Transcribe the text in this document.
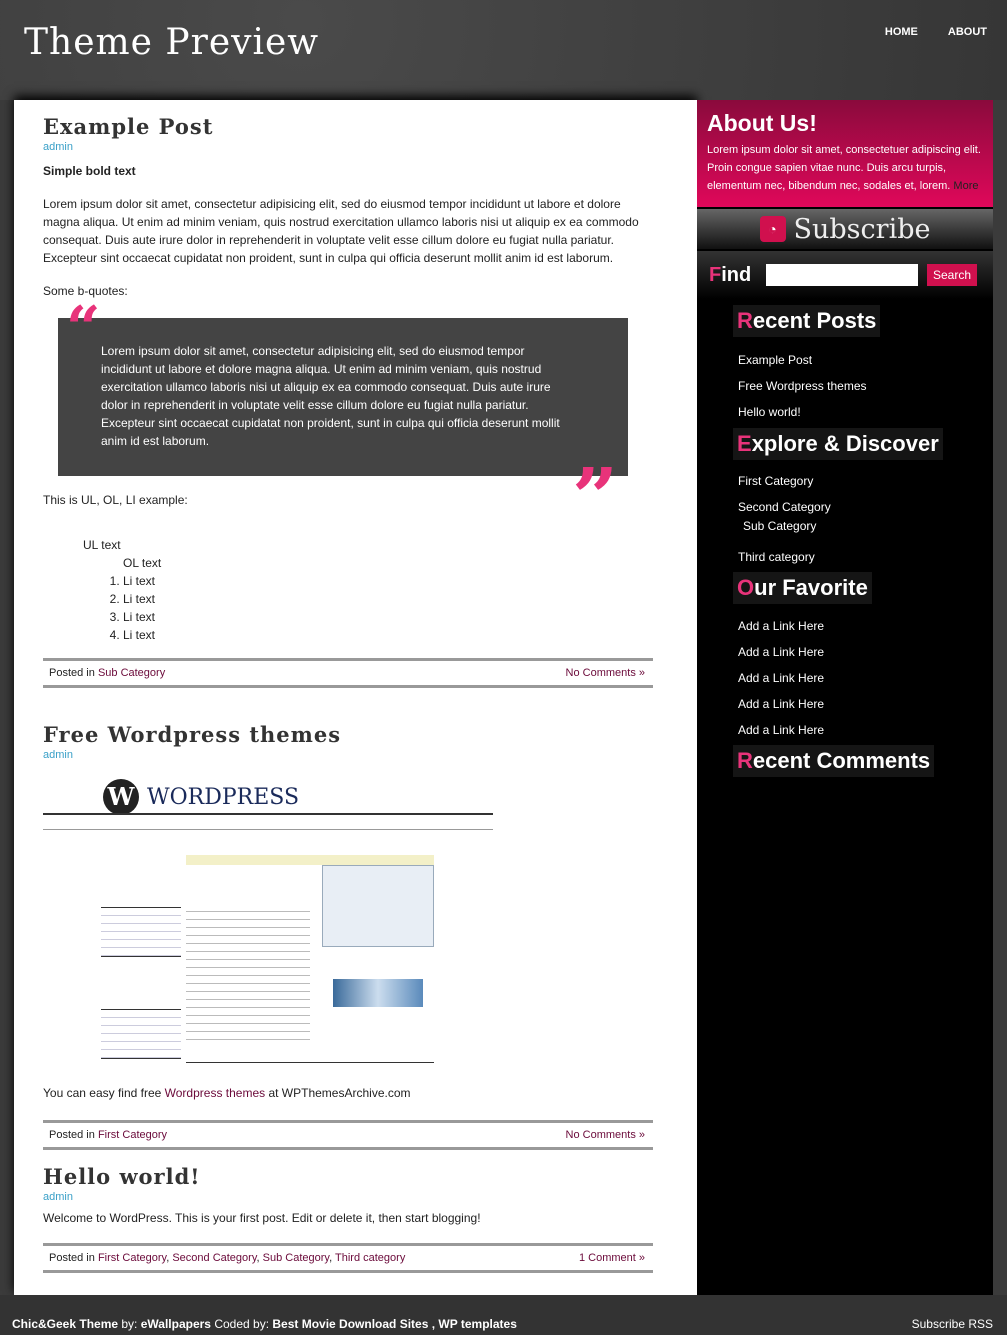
Theme Preview	HOME	ABOUT
Example Post
admin
Simple bold text
Lorem ipsum dolor sit amet, consectetur adipisicing elit, sed do eiusmod tempor incididunt ut labore et dolore magna aliqua. Ut enim ad minim veniam, quis nostrud exercitation ullamco laboris nisi ut aliquip ex ea commodo consequat. Duis aute irure dolor in reprehenderit in voluptate velit esse cillum dolore eu fugiat nulla pariatur. Excepteur sint occaecat cupidatat non proident, sunt in culpa qui officia deserunt mollit anim id est laborum.
Some b-quotes:
“ Lorem ipsum dolor sit amet, consectetur adipisicing elit, sed do eiusmod tempor incididunt ut labore et dolore magna aliqua. Ut enim ad minim veniam, quis nostrud exercitation ullamco laboris nisi ut aliquip ex ea commodo consequat. Duis aute irure dolor in reprehenderit in voluptate velit esse cillum dolore eu fugiat nulla pariatur. Excepteur sint occaecat cupidatat non proident, sunt in culpa qui officia deserunt mollit anim id est laborum.
”
This is UL, OL, LI example:
UL text
OL text
1. Li text
2. Li text
3. Li text
4. Li text
Posted in Sub Category	No Comments »
Free Wordpress themes
admin
W WORDPRESS
You can easy find free Wordpress themes at WPThemesArchive.com
Posted in First Category	No Comments »
Hello world!
admin
Welcome to WordPress. This is your first post. Edit or delete it, then start blogging!
Posted in First Category, Second Category, Sub Category, Third category	1 Comment »
About Us!

Lorem ipsum dolor sit amet, consectetuer adipiscing elit. Proin congue sapien vitae nunc. Duis arcu turpis, elementum nec, bibendum nec, sodales et, lorem. More

◔ Subscribe
Find	Search
Recent Posts
Example Post
Free Wordpress themes
Hello world!
Explore & Discover
First Category
Second Category
Sub Category
Third category
Our Favorite
Add a Link Here
Add a Link Here
Add a Link Here
Add a Link Here
Add a Link Here
Recent Comments
Chic&Geek Theme by: eWallpapers Coded by: Best Movie Download Sites , WP templates	Subscribe RSS
